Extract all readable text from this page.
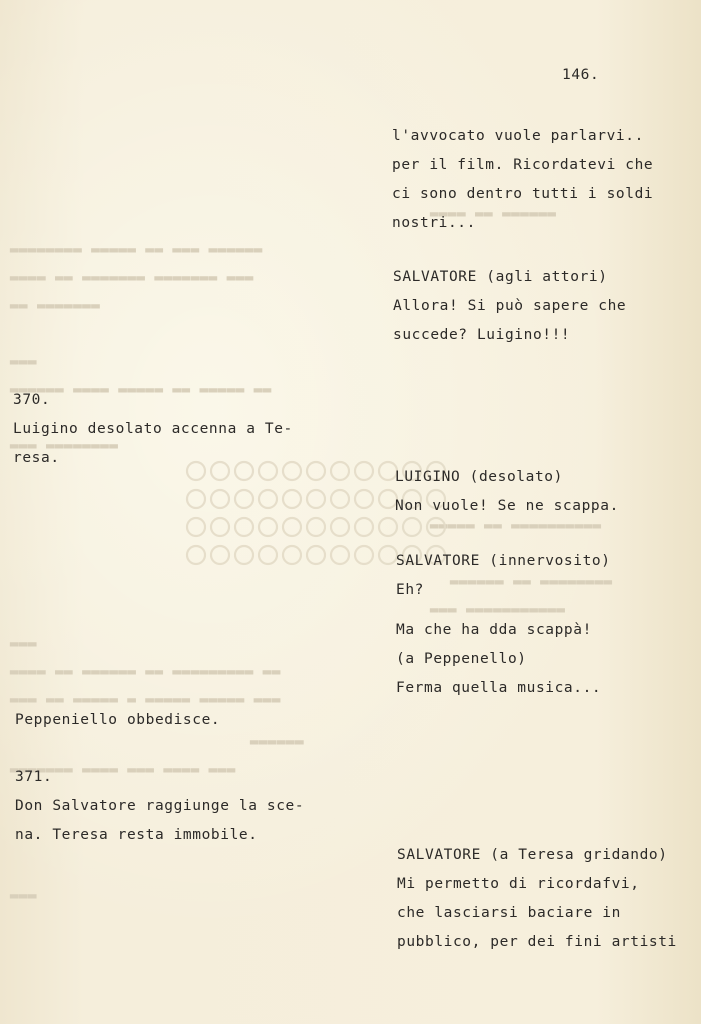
▂▂▂▂▂▂▂▂ ▂▂▂▂▂ ▂▂ ▂▂▂ ▂▂▂▂▂▂
▂▂▂▂ ▂▂ ▂▂▂▂▂▂▂ ▂▂▂▂▂▂▂ ▂▂▂
▂▂ ▂▂▂▂▂▂▂
▂▂▂
▂▂▂▂▂▂ ▂▂▂▂ ▂▂▂▂▂ ▂▂ ▂▂▂▂▂ ▂▂
▂▂▂ ▂▂▂▂▂▂▂▂
▂▂▂
▂▂▂▂ ▂▂ ▂▂▂▂▂▂ ▂▂ ▂▂▂▂▂▂▂▂▂ ▂▂
▂▂▂ ▂▂ ▂▂▂▂▂ ▂ ▂▂▂▂▂ ▂▂▂▂▂ ▂▂▂
▂▂▂▂▂▂
▂▂▂▂▂▂▂ ▂▂▂▂ ▂▂▂ ▂▂▂▂ ▂▂▂
▂▂▂
▂▂▂▂ ▂▂ ▂▂▂▂▂▂
▂▂▂▂▂ ▂▂ ▂▂▂▂▂▂▂▂▂▂
▂▂▂▂▂▂ ▂▂ ▂▂▂▂▂▂▂▂
▂▂▂ ▂▂▂▂▂▂▂▂▂▂▂
146.
l'avvocato vuole parlarvi..
per il film. Ricordatevi che
ci sono dentro tutti i soldi
nostri...
SALVATORE (agli attori)
Allora! Si può sapere che
succede? Luigino!!!
LUIGINO (desolato)
Non vuole! Se ne scappa.
SALVATORE (innervosito)
Eh?
Ma che ha dda scappà!
(a Peppenello)
Ferma quella musica...
SALVATORE (a Teresa gridando)
Mi permetto di ricordafvi,
che lasciarsi baciare in
pubblico, per dei fini artisti
370.
Luigino desolato accenna a Te-
resa.
Peppeniello obbedisce.
371.
Don Salvatore raggiunge la sce-
na. Teresa resta immobile.
